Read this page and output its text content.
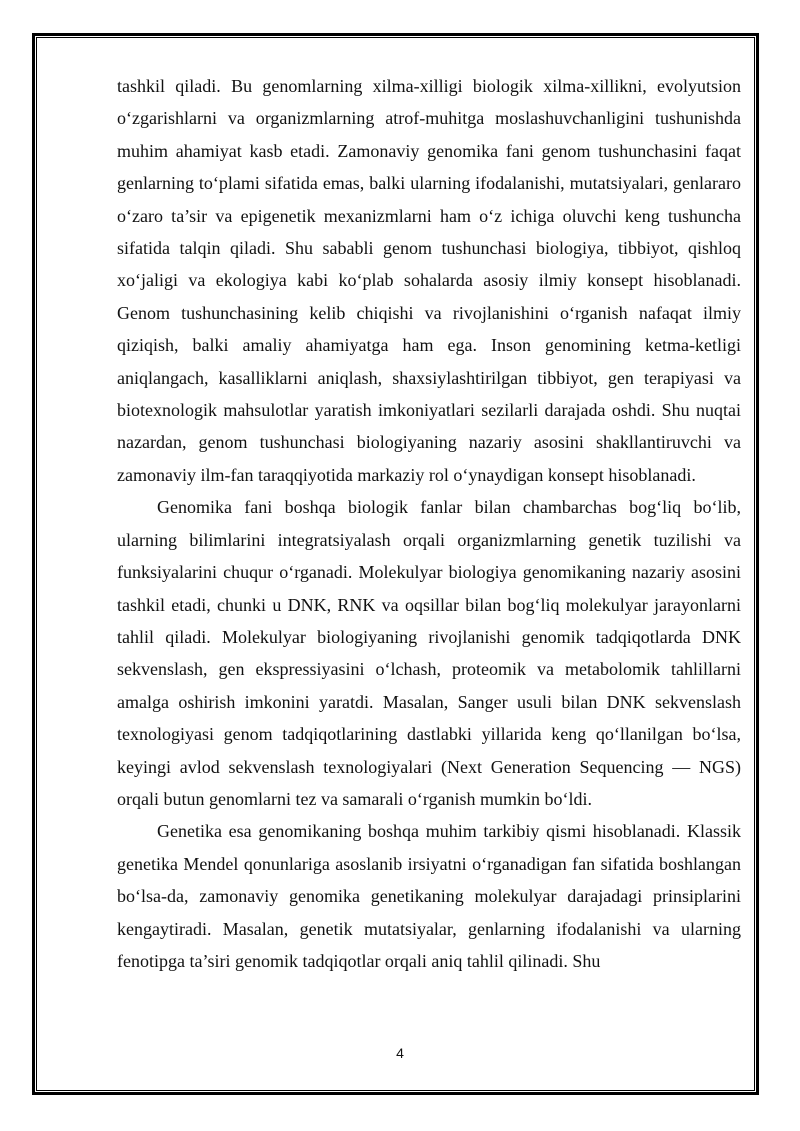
tashkil qiladi. Bu genomlarning xilma-xilligi biologik xilma-xillikni, evolyutsion o‘zgarishlarni va organizmlarning atrof-muhitga moslashuvchanligini tushunishda muhim ahamiyat kasb etadi. Zamonaviy genomika fani genom tushunchasini faqat genlarning to‘plami sifatida emas, balki ularning ifodalanishi, mutatsiyalari, genlararo o‘zaro ta’sir va epigenetik mexanizmlarni ham o‘z ichiga oluvchi keng tushuncha sifatida talqin qiladi. Shu sababli genom tushunchasi biologiya, tibbiyot, qishloq xo‘jaligi va ekologiya kabi ko‘plab sohalarda asosiy ilmiy konsept hisoblanadi. Genom tushunchasining kelib chiqishi va rivojlanishini o‘rganish nafaqat ilmiy qiziqish, balki amaliy ahamiyatga ham ega. Inson genomining ketma-ketligi aniqlangach, kasalliklarni aniqlash, shaxsiylashtirilgan tibbiyot, gen terapiyasi va biotexnologik mahsulotlar yaratish imkoniyatlari sezilarli darajada oshdi. Shu nuqtai nazardan, genom tushunchasi biologiyaning nazariy asosini shakllantiruvchi va zamonaviy ilm-fan taraqqiyotida markaziy rol o‘ynaydigan konsept hisoblanadi.

Genomika fani boshqa biologik fanlar bilan chambarchas bog‘liq bo‘lib, ularning bilimlarini integratsiyalash orqali organizmlarning genetik tuzilishi va funksiyalarini chuqur o‘rganadi. Molekulyar biologiya genomikaning nazariy asosini tashkil etadi, chunki u DNK, RNK va oqsillar bilan bog‘liq molekulyar jarayonlarni tahlil qiladi. Molekulyar biologiyaning rivojlanishi genomik tadqiqotlarda DNK sekvenslash, gen ekspressiyasini o‘lchash, proteomik va metabolomik tahlillarni amalga oshirish imkonini yaratdi. Masalan, Sanger usuli bilan DNK sekvenslash texnologiyasi genom tadqiqotlarining dastlabki yillarida keng qo‘llanilgan bo‘lsa, keyingi avlod sekvenslash texnologiyalari (Next Generation Sequencing — NGS) orqali butun genomlarni tez va samarali o‘rganish mumkin bo‘ldi.

Genetika esa genomikaning boshqa muhim tarkibiy qismi hisoblanadi. Klassik genetika Mendel qonunlariga asoslanib irsiyatni o‘rganadigan fan sifatida boshlangan bo‘lsa-da, zamonaviy genomika genetikaning molekulyar darajadagi prinsiplarini kengaytiradi. Masalan, genetik mutatsiyalar, genlarning ifodalanishi va ularning fenotipga ta’siri genomik tadqiqotlar orqali aniq tahlil qilinadi. Shu

4
